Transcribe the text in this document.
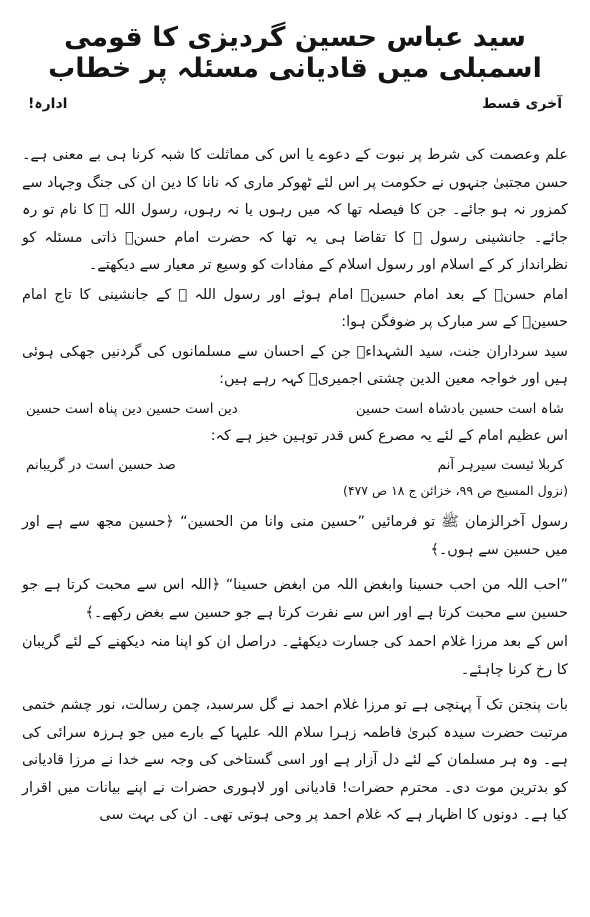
سید عباس حسین گردیزی کا قومی اسمبلی میں قادیانی مسئلہ پر خطاب
آخری قسط
ادارہ!

علم وعصمت کی شرط پر نبوت کے دعوے یا اس کی مماثلت کا شبہ کرنا ہی بے معنی ہے۔ حسن مجتبیٰ جنہوں نے حکومت پر اس لئے ٹھوکر ماری کہ نانا کا دین ان کی جنگ وجہاد سے کمزور نہ ہو جائے۔ جن کا فیصلہ تھا کہ میں رہوں یا نہ رہوں، رسول اللہ ﷺ کا نام تو رہ جائے۔ جانشینی رسول ﷺ کا تقاضا ہی یہ تھا کہ حضرت امام حسنؑ ذاتی مسئلہ کو نظرانداز کر کے اسلام اور رسول اسلام کے مفادات کو وسیع تر معیار سے دیکھتے۔

امام حسنؑ کے بعد امام حسینؑ امام ہوئے اور رسول اللہ ﷺ کے جانشینی کا تاج امام حسینؑ کے سر مبارک پر ضوفگن ہوا:

سید سرداران جنت، سید الشہداءؑ جن کے احسان سے مسلمانوں کی گردنیں جھکی ہوئی ہیں اور خواجہ معین الدین چشتی اجمیریؒ کہہ رہے ہیں:

شاہ است حسین بادشاہ است حسین
دین است حسین دین پناہ است حسین

اس عظیم امام کے لئے یہ مصرع کس قدر توہین خیز ہے کہ:

کربلا ئیست سیرہر آنم
صد حسین است در گریبانم
(نزول المسیح ص ۹۹، خزائن ج ۱۸ ص ۴۷۷)

رسول آخرالزمان ﷺ تو فرمائیں ”حسین منی وانا من الحسین“ ﴿حسین مجھ سے ہے اور میں حسین سے ہوں۔﴾

”احب اللہ من احب حسینا وابغض اللہ من ابغض حسینا“ ﴿اللہ اس سے محبت کرتا ہے جو حسین سے محبت کرتا ہے اور اس سے نفرت کرتا ہے جو حسین سے بغض رکھے۔﴾

اس کے بعد مرزا غلام احمد کی جسارت دیکھئے۔ دراصل ان کو اپنا منہ دیکھنے کے لئے گریبان کا رخ کرنا چاہئے۔

بات پنجتن تک آ پہنچی ہے تو مرزا غلام احمد نے گل سرسبد، چمن رسالت، نور چشم ختمی مرتبت حضرت سیدہ کبریٰ فاطمہ زہرا سلام اللہ علیہا کے بارے میں جو ہرزہ سرائی کی ہے۔ وہ ہر مسلمان کے لئے دل آزار ہے اور اسی گستاخی کی وجہ سے خدا نے مرزا قادیانی کو بدترین موت دی۔ محترم حضرات! قادیانی اور لاہوری حضرات نے اپنے بیانات میں اقرار کیا ہے۔ دونوں کا اظہار ہے کہ غلام احمد پر وحی ہوتی تھی۔ ان کی بہت سی
